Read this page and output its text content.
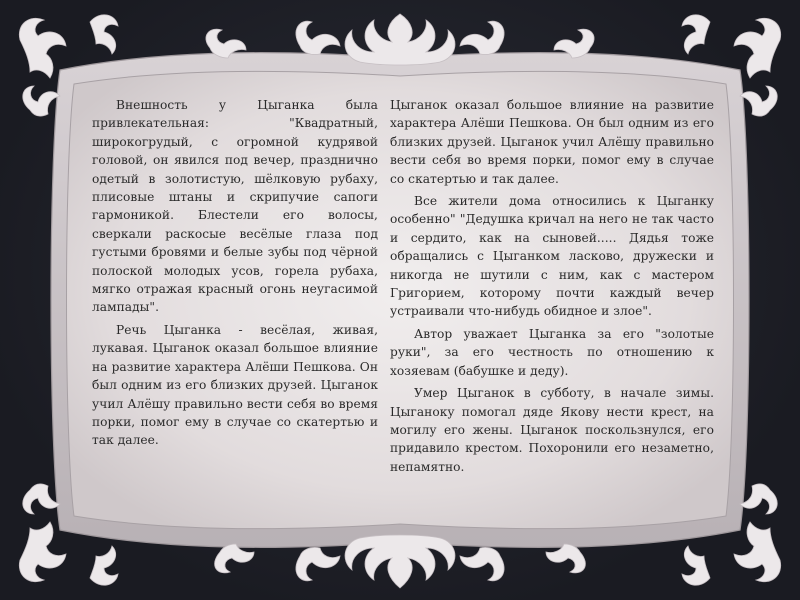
Внешность у Цыганка была привлекательная: "Квадратный, широкогрудый, с огромной кудрявой головой, он явился под вечер, празднично одетый в золотистую, шёлковую рубаху, плисовые штаны и скрипучие сапоги гармоникой. Блестели его волосы, сверкали раскосые весёлые глаза под густыми бровями и белые зубы под чёрной полоской молодых усов, горела рубаха, мягко отражая красный огонь неугасимой лампады".

Речь Цыганка - весёлая, живая, лукавая. Цыганок оказал большое влияние на развитие характера Алёши Пешкова. Он был одним из его близких друзей. Цыганок учил Алёшу правильно вести себя во время порки, помог ему в случае со скатертью и так далее.

Цыганок оказал большое влияние на развитие характера Алёши Пешкова. Он был одним из его близких друзей. Цыганок учил Алёшу правильно вести себя во время порки, помог ему в случае со скатертью и так далее.

Все жители дома относились к Цыганку особенно" "Дедушка кричал на него не так часто и сердито, как на сыновей..... Дядья тоже обращались с Цыганком ласково, дружески и никогда не шутили с ним, как с мастером Григорием, которому почти каждый вечер устраивали что-нибудь обидное и злое".

Автор уважает Цыганка за его "золотые руки", за его честность по отношению к хозяевам (бабушке и деду).

Умер Цыганок в субботу, в начале зимы. Цыганоку помогал дяде Якову нести крест, на могилу его жены. Цыганок поскользнулся, его придавило крестом. Похоронили его незаметно, непамятно.
